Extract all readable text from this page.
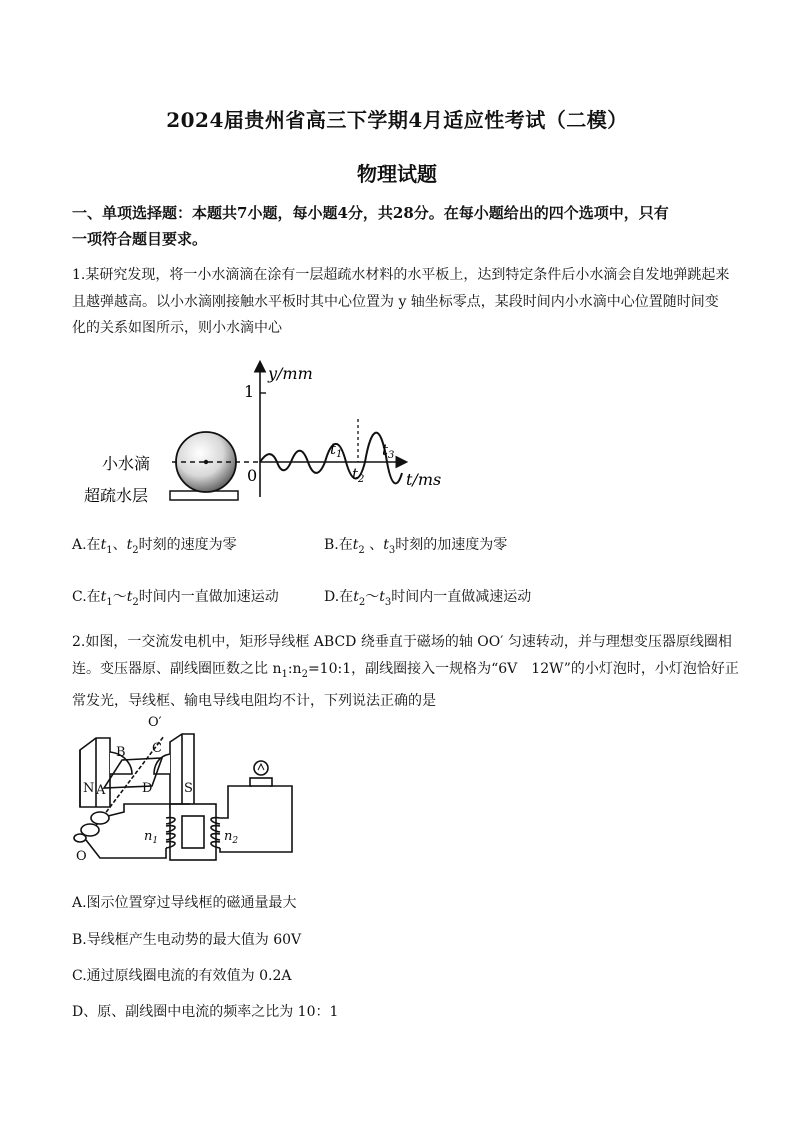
2024届贵州省高三下学期4月适应性考试（二模）
物理试题
一、单项选择题：本题共7小题，每小题4分，共28分。在每小题给出的四个选项中，只有
一项符合题目要求。
1.某研究发现，将一小水滴滴在涂有一层超疏水材料的水平板上，达到特定条件后小水滴会自发地弹跳起来
且越弹越高。以小水滴刚接触水平板时其中心位置为 y 轴坐标零点，某段时间内小水滴中心位置随时间变
化的关系如图所示，则小水滴中心
小水滴
超疏水层
y/mm
t/ms
1
0
$t_1$
$t_2$
$t_3$
A.在$t_1$、$t_2$时刻的速度为零	B.在$t_2$ 、$t_3$时刻的加速度为零
C.在$t_1\sim t_2$时间内一直做加速运动	D.在$t_2\sim t_3$时间内一直做减速运动
2.如图，一交流发电机中，矩形导线框 ABCD 绕垂直于磁场的轴 OO′ 匀速转动，并与理想变压器原线圈相
连。变压器原、副线圈匝数之比 $n_1:n_2=10:1$，副线圈接入一规格为“6V　12W”的小灯泡时，小灯泡恰好正
常发光，导线框、输电导线电阻均不计，下列说法正确的是
O′
B C
N A	D S
O
$n_1$	$n_2$
A.图示位置穿过导线框的磁通量最大
B.导线框产生电动势的最大值为 60V
C.通过原线圈电流的有效值为 0.2A
D、原、副线圈中电流的频率之比为 10：1
